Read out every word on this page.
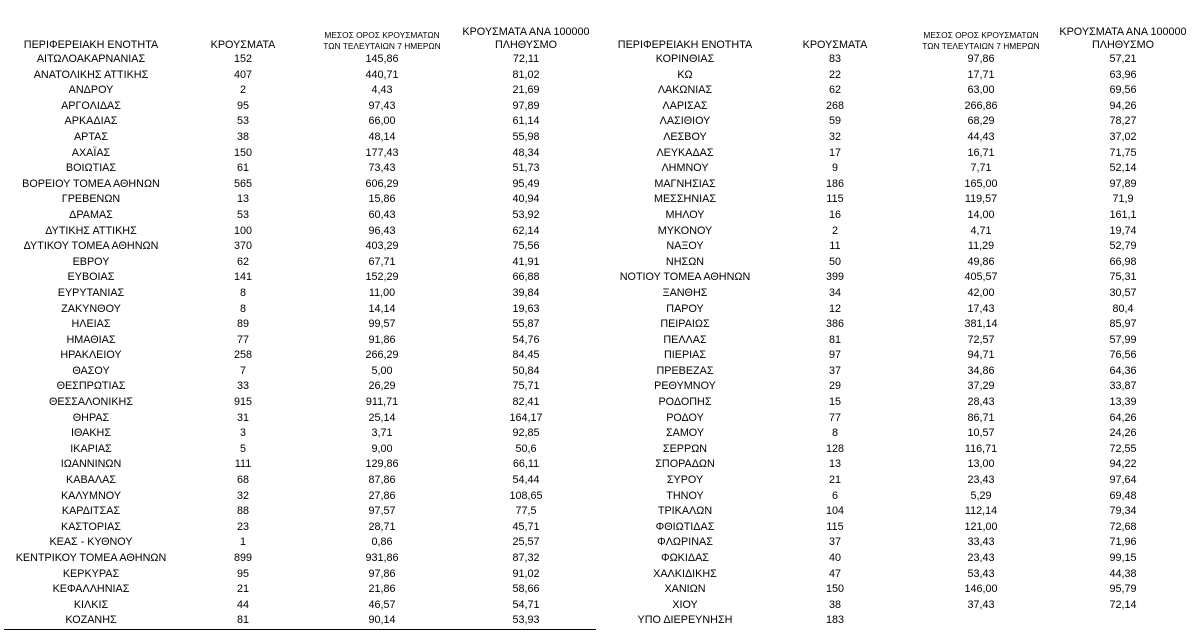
ΠΕΡΙΦΕΡΕΙΑΚΗ ΕΝΟΤΗΤΑ	ΚΡΟΥΣΜΑΤΑ	ΜΕΣΟΣ ΟΡΟΣ ΚΡΟΥΣΜΑΤΩΝ
ΤΩΝ ΤΕΛΕΥΤΑΙΩΝ 7 ΗΜΕΡΩΝ	ΚΡΟΥΣΜΑΤΑ ΑΝΑ 100000
ΠΛΗΘΥΣΜΟ
ΑΙΤΩΛΟΑΚΑΡΝΑΝΙΑΣ	152	145,86	72,11
ΑΝΑΤΟΛΙΚΗΣ ΑΤΤΙΚΗΣ	407	440,71	81,02
ΑΝΔΡΟΥ	2	4,43	21,69
ΑΡΓΟΛΙΔΑΣ	95	97,43	97,89
ΑΡΚΑΔΙΑΣ	53	66,00	61,14
ΑΡΤΑΣ	38	48,14	55,98
ΑΧΑΪΑΣ	150	177,43	48,34
ΒΟΙΩΤΙΑΣ	61	73,43	51,73
ΒΟΡΕΙΟΥ ΤΟΜΕΑ ΑΘΗΝΩΝ	565	606,29	95,49
ΓΡΕΒΕΝΩΝ	13	15,86	40,94
ΔΡΑΜΑΣ	53	60,43	53,92
ΔΥΤΙΚΗΣ ΑΤΤΙΚΗΣ	100	96,43	62,14
ΔΥΤΙΚΟΥ ΤΟΜΕΑ ΑΘΗΝΩΝ	370	403,29	75,56
ΕΒΡΟΥ	62	67,71	41,91
ΕΥΒΟΙΑΣ	141	152,29	66,88
ΕΥΡΥΤΑΝΙΑΣ	8	11,00	39,84
ΖΑΚΥΝΘΟΥ	8	14,14	19,63
ΗΛΕΙΑΣ	89	99,57	55,87
ΗΜΑΘΙΑΣ	77	91,86	54,76
ΗΡΑΚΛΕΙΟΥ	258	266,29	84,45
ΘΑΣΟΥ	7	5,00	50,84
ΘΕΣΠΡΩΤΙΑΣ	33	26,29	75,71
ΘΕΣΣΑΛΟΝΙΚΗΣ	915	911,71	82,41
ΘΗΡΑΣ	31	25,14	164,17
ΙΘΑΚΗΣ	3	3,71	92,85
ΙΚΑΡΙΑΣ	5	9,00	50,6
ΙΩΑΝΝΙΝΩΝ	111	129,86	66,11
ΚΑΒΑΛΑΣ	68	87,86	54,44
ΚΑΛΥΜΝΟΥ	32	27,86	108,65
ΚΑΡΔΙΤΣΑΣ	88	97,57	77,5
ΚΑΣΤΟΡΙΑΣ	23	28,71	45,71
ΚΕΑΣ - ΚΥΘΝΟΥ	1	0,86	25,57
ΚΕΝΤΡΙΚΟΥ ΤΟΜΕΑ ΑΘΗΝΩΝ	899	931,86	87,32
ΚΕΡΚΥΡΑΣ	95	97,86	91,02
ΚΕΦΑΛΛΗΝΙΑΣ	21	21,86	58,66
ΚΙΛΚΙΣ	44	46,57	54,71
ΚΟΖΑΝΗΣ	81	90,14	53,93
ΠΕΡΙΦΕΡΕΙΑΚΗ ΕΝΟΤΗΤΑ	ΚΡΟΥΣΜΑΤΑ	ΜΕΣΟΣ ΟΡΟΣ ΚΡΟΥΣΜΑΤΩΝ
ΤΩΝ ΤΕΛΕΥΤΑΙΩΝ 7 ΗΜΕΡΩΝ	ΚΡΟΥΣΜΑΤΑ ΑΝΑ 100000
ΠΛΗΘΥΣΜΟ
ΚΟΡΙΝΘΙΑΣ	83	97,86	57,21
ΚΩ	22	17,71	63,96
ΛΑΚΩΝΙΑΣ	62	63,00	69,56
ΛΑΡΙΣΑΣ	268	266,86	94,26
ΛΑΣΙΘΙΟΥ	59	68,29	78,27
ΛΕΣΒΟΥ	32	44,43	37,02
ΛΕΥΚΑΔΑΣ	17	16,71	71,75
ΛΗΜΝΟΥ	9	7,71	52,14
ΜΑΓΝΗΣΙΑΣ	186	165,00	97,89
ΜΕΣΣΗΝΙΑΣ	115	119,57	71,9
ΜΗΛΟΥ	16	14,00	161,1
ΜΥΚΟΝΟΥ	2	4,71	19,74
ΝΑΞΟΥ	11	11,29	52,79
ΝΗΣΩΝ	50	49,86	66,98
ΝΟΤΙΟΥ ΤΟΜΕΑ ΑΘΗΝΩΝ	399	405,57	75,31
ΞΑΝΘΗΣ	34	42,00	30,57
ΠΑΡΟΥ	12	17,43	80,4
ΠΕΙΡΑΙΩΣ	386	381,14	85,97
ΠΕΛΛΑΣ	81	72,57	57,99
ΠΙΕΡΙΑΣ	97	94,71	76,56
ΠΡΕΒΕΖΑΣ	37	34,86	64,36
ΡΕΘΥΜΝΟΥ	29	37,29	33,87
ΡΟΔΟΠΗΣ	15	28,43	13,39
ΡΟΔΟΥ	77	86,71	64,26
ΣΑΜΟΥ	8	10,57	24,26
ΣΕΡΡΩΝ	128	116,71	72,55
ΣΠΟΡΑΔΩΝ	13	13,00	94,22
ΣΥΡΟΥ	21	23,43	97,64
ΤΗΝΟΥ	6	5,29	69,48
ΤΡΙΚΑΛΩΝ	104	112,14	79,34
ΦΘΙΩΤΙΔΑΣ	115	121,00	72,68
ΦΛΩΡΙΝΑΣ	37	33,43	71,96
ΦΩΚΙΔΑΣ	40	23,43	99,15
ΧΑΛΚΙΔΙΚΗΣ	47	53,43	44,38
ΧΑΝΙΩΝ	150	146,00	95,79
ΧΙΟΥ	38	37,43	72,14
ΥΠΟ ΔΙΕΡΕΥΝΗΣΗ	183		
